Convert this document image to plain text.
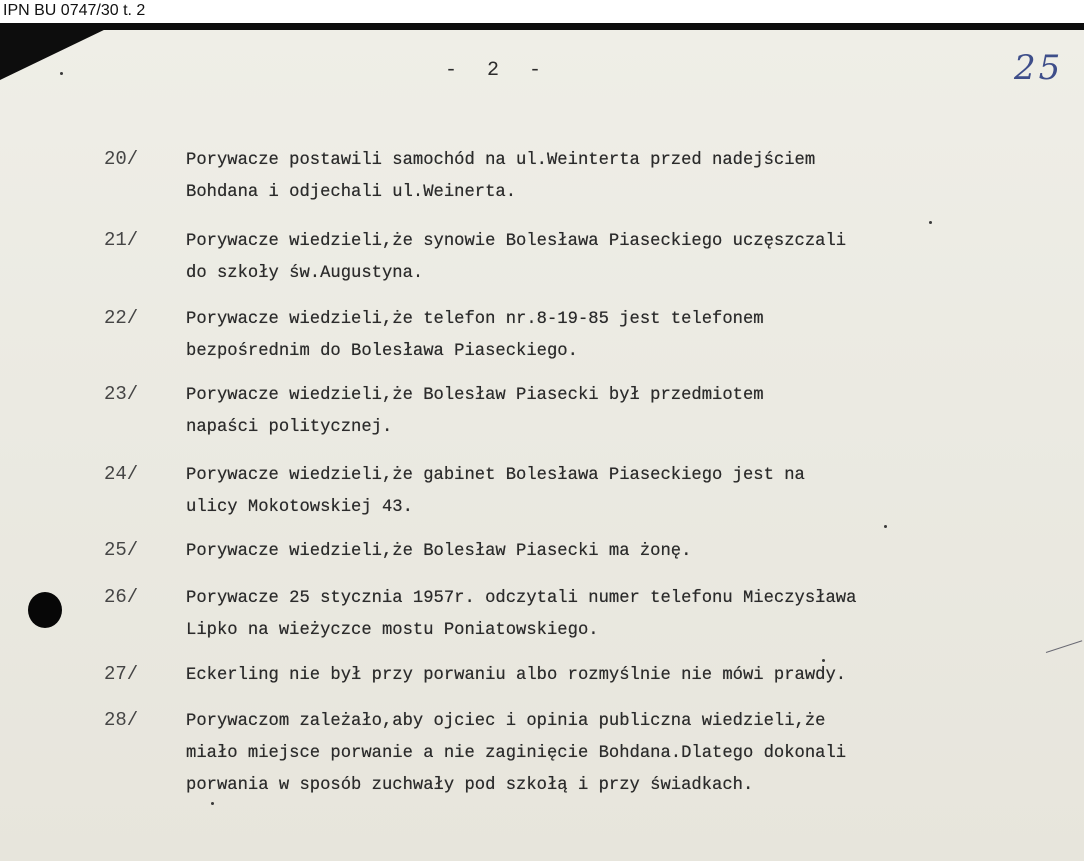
IPN BU 0747/30 t. 2
25
-  2  -
20/	Porywacze postawili samochód na ul.Weinterta przed nadejściem
Bohdana i odjechali ul.Weinerta.
21/	Porywacze wiedzieli,że synowie Bolesława Piaseckiego uczęszczali
do szkoły św.Augustyna.
22/	Porywacze wiedzieli,że telefon nr.8-19-85 jest telefonem
bezpośrednim do Bolesława Piaseckiego.
23/	Porywacze wiedzieli,że Bolesław Piasecki był przedmiotem
napaści politycznej.
24/	Porywacze wiedzieli,że gabinet Bolesława Piaseckiego jest na
ulicy Mokotowskiej 43.
25/	Porywacze wiedzieli,że Bolesław Piasecki ma żonę.
26/	Porywacze 25 stycznia 1957r. odczytali numer telefonu Mieczysława
Lipko na wieżyczce mostu Poniatowskiego.
27/	Eckerling nie był przy porwaniu albo rozmyślnie nie mówi prawdy.
28/	Porywaczom zależało,aby ojciec i opinia publiczna wiedzieli,że
miało miejsce porwanie a nie zaginięcie Bohdana.Dlatego dokonali
porwania w sposób zuchwały pod szkołą i przy świadkach.
